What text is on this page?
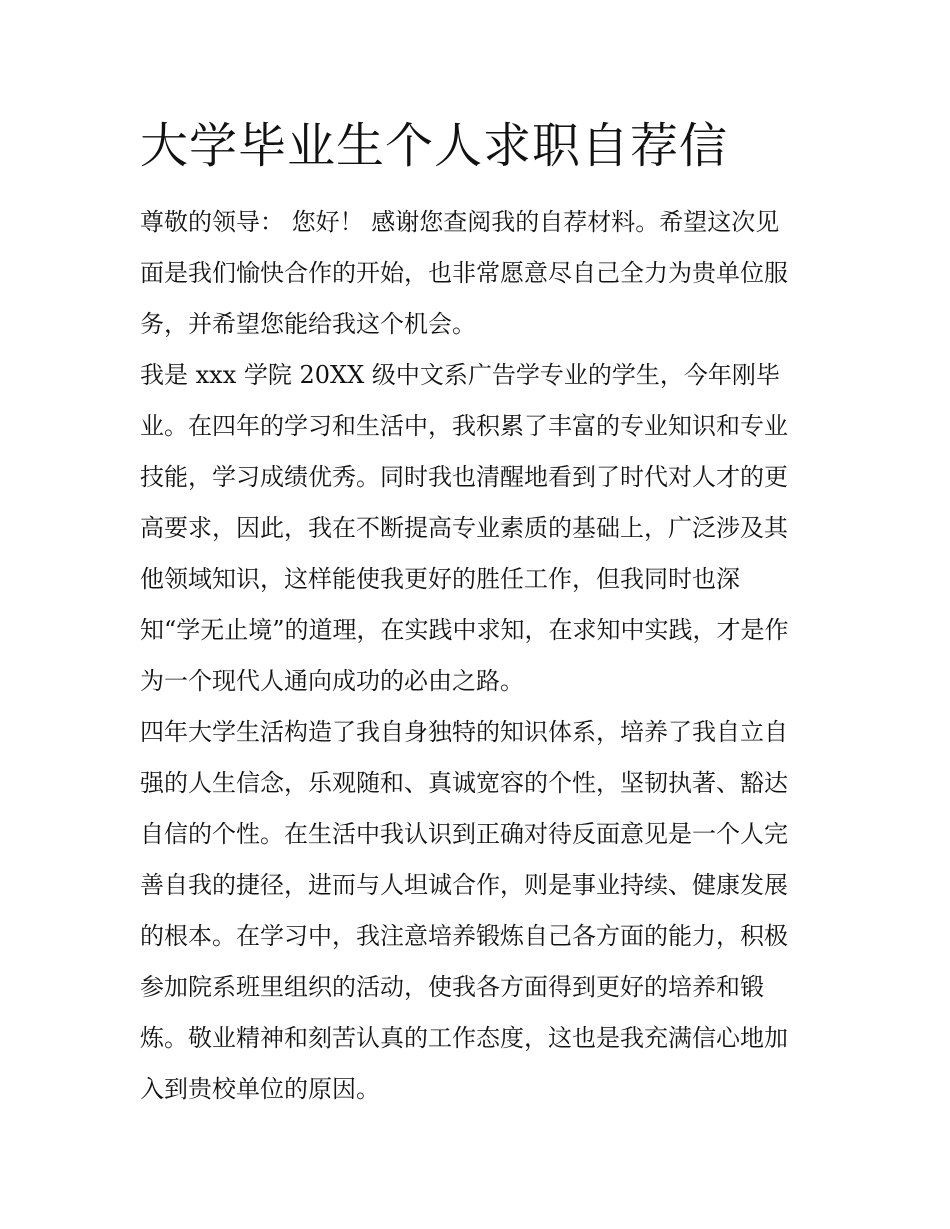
大学毕业生个人求职自荐信

尊敬的领导： 您好！ 感谢您查阅我的自荐材料。希望这次见

面是我们愉快合作的开始，也非常愿意尽自己全力为贵单位服

务，并希望您能给我这个机会。

我是 xxx 学院 20XX 级中文系广告学专业的学生，今年刚毕

业。在四年的学习和生活中，我积累了丰富的专业知识和专业

技能，学习成绩优秀。同时我也清醒地看到了时代对人才的更

高要求，因此，我在不断提高专业素质的基础上，广泛涉及其

他领域知识，这样能使我更好的胜任工作，但我同时也深

知“学无止境”的道理，在实践中求知，在求知中实践，才是作

为一个现代人通向成功的必由之路。

四年大学生活构造了我自身独特的知识体系，培养了我自立自

强的人生信念，乐观随和、真诚宽容的个性，坚韧执著、豁达

自信的个性。在生活中我认识到正确对待反面意见是一个人完

善自我的捷径，进而与人坦诚合作，则是事业持续、健康发展

的根本。在学习中，我注意培养锻炼自己各方面的能力，积极

参加院系班里组织的活动，使我各方面得到更好的培养和锻

炼。敬业精神和刻苦认真的工作态度，这也是我充满信心地加

入到贵校单位的原因。
